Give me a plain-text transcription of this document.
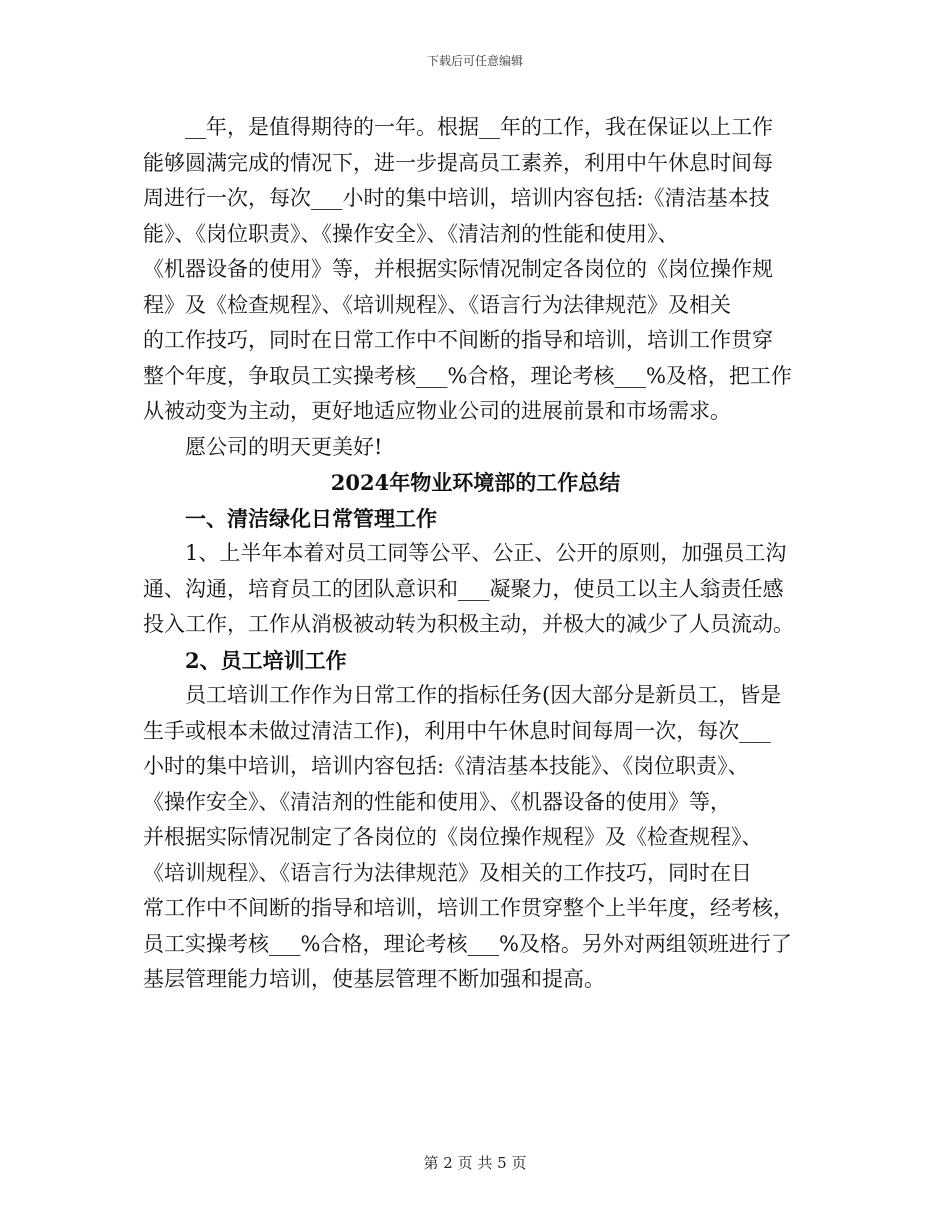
下载后可任意编辑

__年，是值得期待的一年。根据__年的工作，我在保证以上工作

能够圆满完成的情况下，进一步提高员工素养，利用中午休息时间每

周进行一次，每次___小时的集中培训，培训内容包括:《清洁基本技

能》、《岗位职责》、《操作安全》、《清洁剂的性能和使用》、

《机器设备的使用》等，并根据实际情况制定各岗位的《岗位操作规

程》及《检查规程》、《培训规程》、《语言行为法律规范》及相关

的工作技巧，同时在日常工作中不间断的指导和培训，培训工作贯穿

整个年度，争取员工实操考核___%合格，理论考核___%及格，把工作

从被动变为主动，更好地适应物业公司的进展前景和市场需求。

愿公司的明天更美好!

2024年物业环境部的工作总结

一、清洁绿化日常管理工作

1、上半年本着对员工同等公平、公正、公开的原则，加强员工沟

通、沟通，培育员工的团队意识和___凝聚力，使员工以主人翁责任感

投入工作，工作从消极被动转为积极主动，并极大的减少了人员流动。

2、员工培训工作

员工培训工作作为日常工作的指标任务(因大部分是新员工，皆是

生手或根本未做过清洁工作)，利用中午休息时间每周一次，每次___

小时的集中培训，培训内容包括:《清洁基本技能》、《岗位职责》、

《操作安全》、《清洁剂的性能和使用》、《机器设备的使用》等，

并根据实际情况制定了各岗位的《岗位操作规程》及《检查规程》、

《培训规程》、《语言行为法律规范》及相关的工作技巧，同时在日

常工作中不间断的指导和培训，培训工作贯穿整个上半年度，经考核，

员工实操考核___%合格，理论考核___%及格。另外对两组领班进行了

基层管理能力培训，使基层管理不断加强和提高。

第 2 页 共 5 页
